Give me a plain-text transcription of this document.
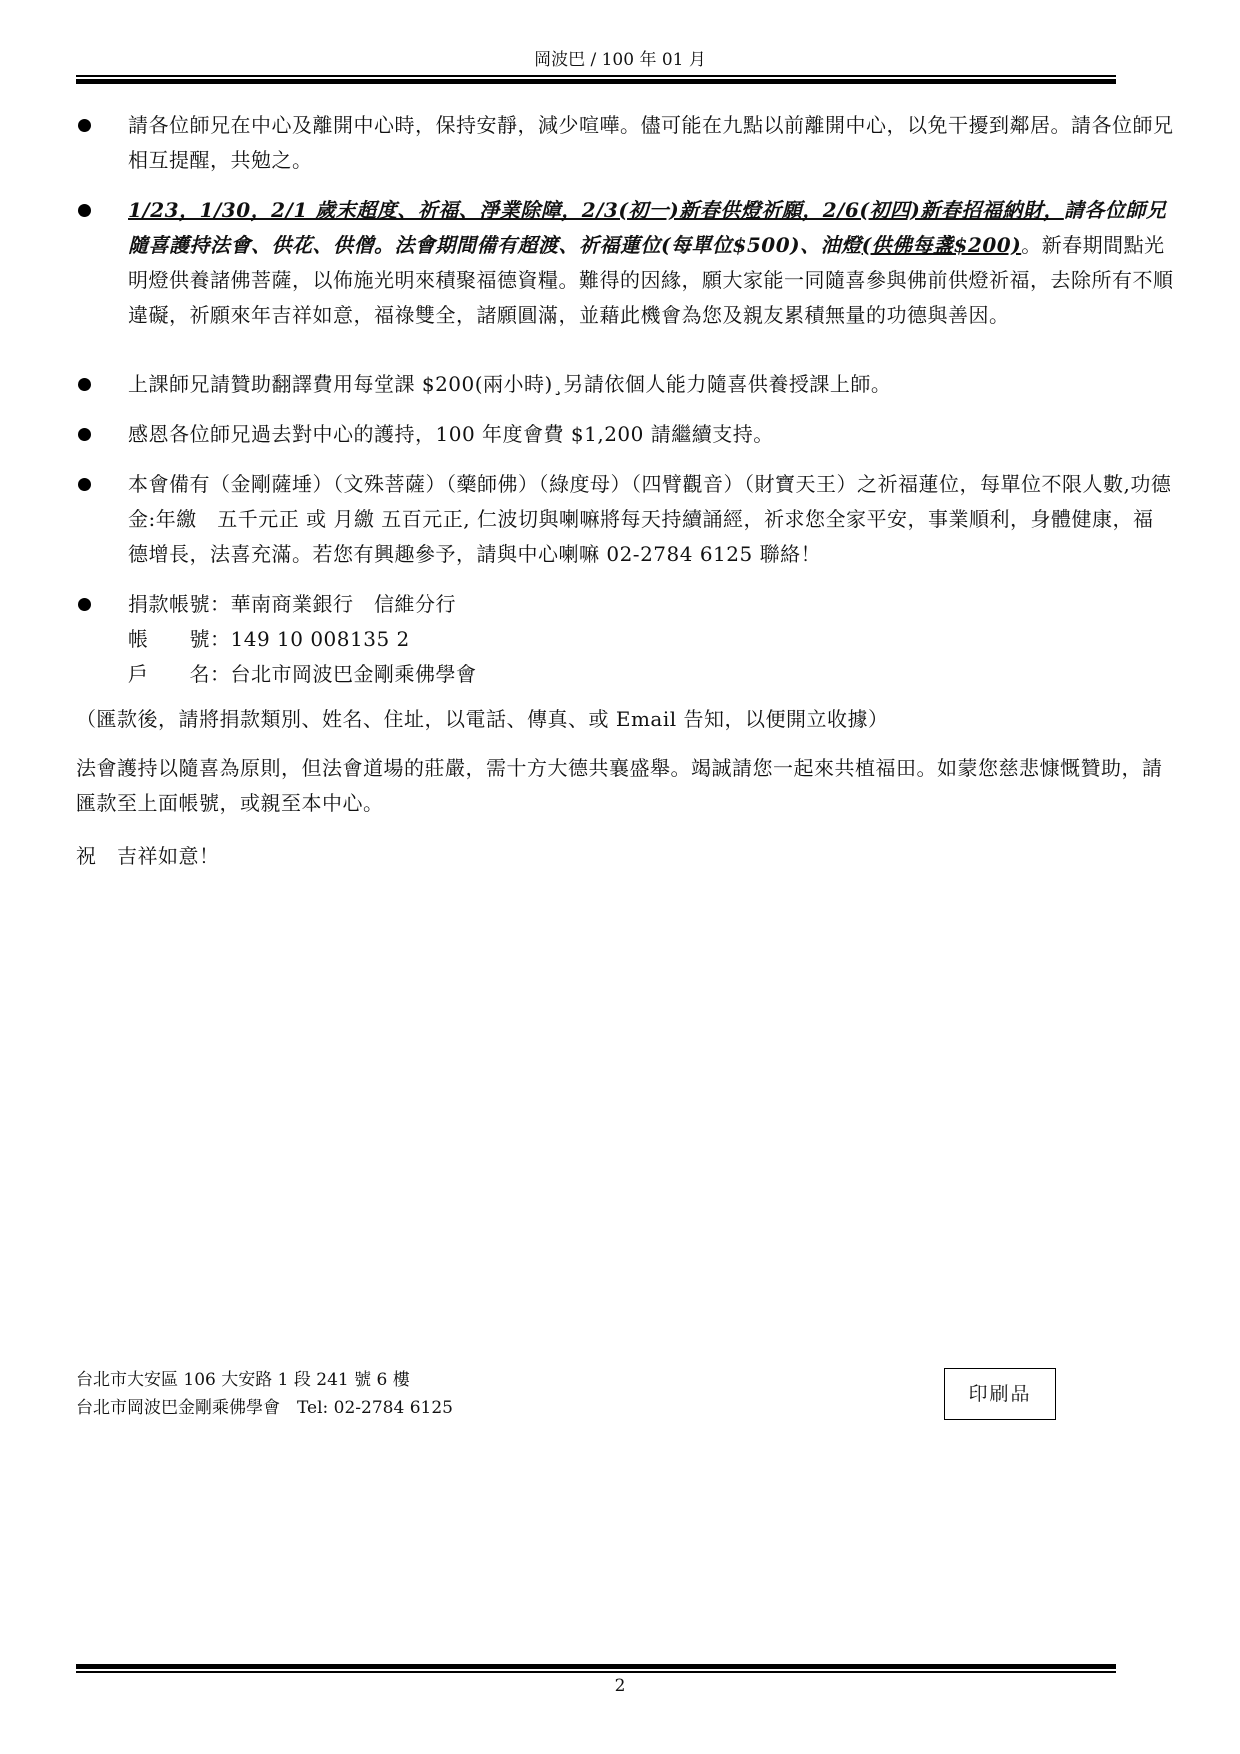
岡波巴 / 100 年 01 月
請各位師兄在中心及離開中心時，保持安靜，減少喧嘩。儘可能在九點以前離開中心，以免干擾到鄰居。請各位師兄相互提醒，共勉之。
1/23，1/30，2/1 歲末超度、祈福、淨業除障，2/3(初一)新春供燈祈願，2/6(初四)新春招福納財，請各位師兄隨喜護持法會、供花、供僧。法會期間備有超渡、祈福蓮位(每單位$500)、油燈(供佛每盞$200)。新春期間點光明燈供養諸佛菩薩，以佈施光明來積聚福德資糧。難得的因緣，願大家能一同隨喜參與佛前供燈祈福，去除所有不順違礙，祈願來年吉祥如意，福祿雙全，諸願圓滿，並藉此機會為您及親友累積無量的功德與善因。
上課師兄請贊助翻譯費用每堂課 $200(兩小時)¸另請依個人能力隨喜供養授課上師。
感恩各位師兄過去對中心的護持，100 年度會費 $1,200 請繼續支持。
本會備有（金剛薩埵）（文殊菩薩）（藥師佛）（綠度母）（四臂觀音）（財寶天王）之祈福蓮位，每單位不限人數,功德金:年繳　五千元正 或 月繳 五百元正, 仁波切與喇嘛將每天持續誦經，祈求您全家平安，事業順利，身體健康，福德增長，法喜充滿。若您有興趣參予，請與中心喇嘛 02-2784 6125 聯絡！
捐款帳號：華南商業銀行　信維分行
帳　　號：149 10 008135 2
戶　　名：台北市岡波巴金剛乘佛學會
（匯款後，請將捐款類別、姓名、住址，以電話、傳真、或 Email 告知，以便開立收據）
法會護持以隨喜為原則，但法會道場的莊嚴，需十方大德共襄盛舉。竭誠請您一起來共植福田。如蒙您慈悲慷慨贊助，請匯款至上面帳號，或親至本中心。
祝　吉祥如意！
台北市大安區 106 大安路 1 段 241 號 6 樓
台北市岡波巴金剛乘佛學會　Tel: 02-2784 6125
印刷品
2
